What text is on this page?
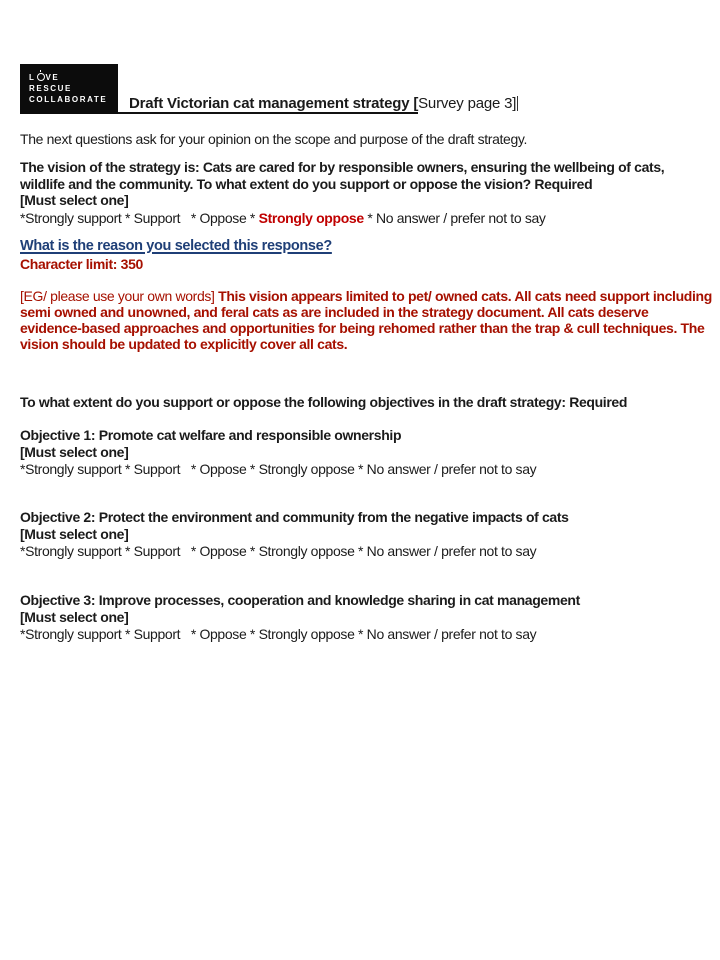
L VE
RESCUE
COLLABORATE	Draft Victorian cat management strategy [Survey page 3]
The next questions ask for your opinion on the scope and purpose of the draft strategy.
The vision of the strategy is: Cats are cared for by responsible owners, ensuring the wellbeing of cats, wildlife and the community. To what extent do you support or oppose the vision? Required
[Must select one]
*Strongly support * Support   * Oppose * Strongly oppose * No answer / prefer not to say
What is the reason you selected this response?
Character limit: 350
[EG/ please use your own words] This vision appears limited to pet/ owned cats. All cats need support including semi owned and unowned, and feral cats as are included in the strategy document. All cats deserve evidence-based approaches and opportunities for being rehomed rather than the trap & cull techniques. The vision should be updated to explicitly cover all cats.
To what extent do you support or oppose the following objectives in the draft strategy: Required
Objective 1: Promote cat welfare and responsible ownership
[Must select one]
*Strongly support * Support   * Oppose * Strongly oppose * No answer / prefer not to say
Objective 2: Protect the environment and community from the negative impacts of cats
[Must select one]
*Strongly support * Support   * Oppose * Strongly oppose * No answer / prefer not to say
Objective 3: Improve processes, cooperation and knowledge sharing in cat management
[Must select one]
*Strongly support * Support   * Oppose * Strongly oppose * No answer / prefer not to say
